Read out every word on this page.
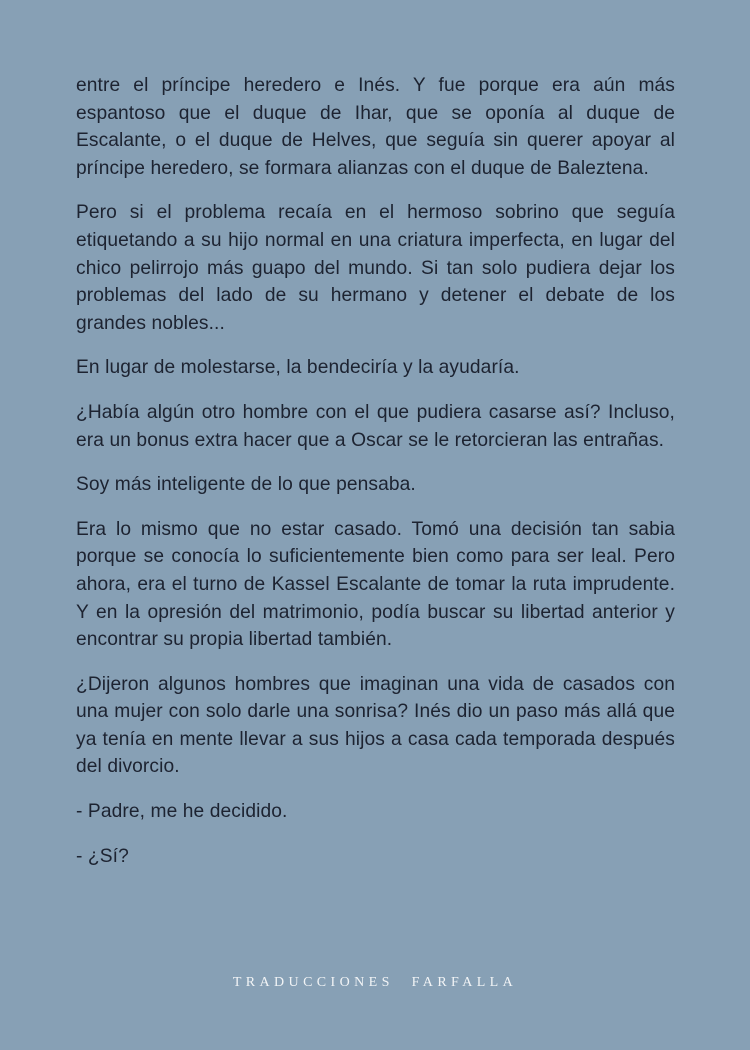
entre el príncipe heredero e Inés. Y fue porque era aún más espantoso que el duque de Ihar, que se oponía al duque de Escalante, o el duque de Helves, que seguía sin querer apoyar al príncipe heredero, se formara alianzas con el duque de Baleztena.

Pero si el problema recaía en el hermoso sobrino que seguía etiquetando a su hijo normal en una criatura imperfecta, en lugar del chico pelirrojo más guapo del mundo. Si tan solo pudiera dejar los problemas del lado de su hermano y detener el debate de los grandes nobles...

En lugar de molestarse, la bendeciría y la ayudaría.

¿Había algún otro hombre con el que pudiera casarse así? Incluso, era un bonus extra hacer que a Oscar se le retorcieran las entrañas.

Soy más inteligente de lo que pensaba.

Era lo mismo que no estar casado. Tomó una decisión tan sabia porque se conocía lo suficientemente bien como para ser leal. Pero ahora, era el turno de Kassel Escalante de tomar la ruta imprudente. Y en la opresión del matrimonio, podía buscar su libertad anterior y encontrar su propia libertad también.

¿Dijeron algunos hombres que imaginan una vida de casados con una mujer con solo darle una sonrisa? Inés dio un paso más allá que ya tenía en mente llevar a sus hijos a casa cada temporada después del divorcio.

- Padre, me he decidido.

- ¿Sí?

TRADUCCIONES FARFALLA
